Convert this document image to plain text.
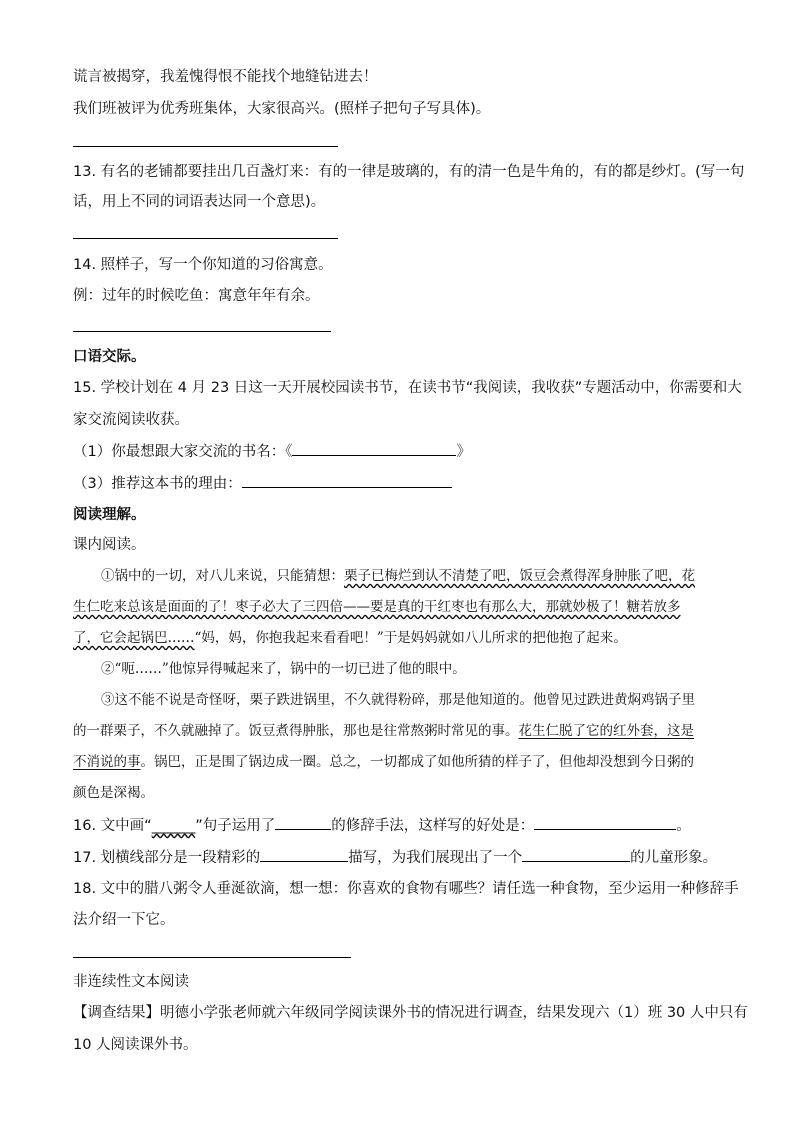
谎言被揭穿，我羞愧得恨不能找个地缝钻进去！
我们班被评为优秀班集体，大家很高兴。(照样子把句子写具体)。
13. 有名的老铺都要挂出几百盏灯来：有的一律是玻璃的，有的清一色是牛角的，有的都是纱灯。(写一句
话，用上不同的词语表达同一个意思)。
14. 照样子，写一个你知道的习俗寓意。
例：过年的时候吃鱼：寓意年年有余。
口语交际。
15. 学校计划在 4 月 23 日这一天开展校园读书节，在读书节“我阅读，我收获”专题活动中，你需要和大
家交流阅读收获。
（1）你最想跟大家交流的书名：《	》
（3）推荐这本书的理由：
阅读理解。
课内阅读。
①锅中的一切，对八儿来说，只能猜想：栗子已梅烂到认不清楚了吧，饭豆会煮得浑身肿胀了吧，花
生仁吃来总该是面面的了！枣子必大了三四倍——要是真的干红枣也有那么大，那就妙极了！糖若放多
了，它会起锅巴……“妈，妈，你抱我起来看看吧！”于是妈妈就如八儿所求的把他抱了起来。
②“呃……”他惊异得喊起来了，锅中的一切已进了他的眼中。
③这不能不说是奇怪呀，栗子跌进锅里，不久就得粉碎，那是他知道的。他曾见过跌进黄焖鸡锅子里
的一群栗子，不久就融掉了。饭豆煮得肿胀，那也是往常熬粥时常见的事。花生仁脱了它的红外套，这是
不消说的事。锅巴，正是围了锅边成一圈。总之，一切都成了如他所猜的样子了，但他却没想到今日粥的
颜色是深褐。
16. 文中画“______”句子运用了	的修辞手法，这样写的好处是：	。
17. 划横线部分是一段精彩的	描写，为我们展现出了一个	的儿童形象。
18. 文中的腊八粥令人垂涎欲滴，想一想：你喜欢的食物有哪些？请任选一种食物，至少运用一种修辞手
法介绍一下它。
非连续性文本阅读
【调查结果】明德小学张老师就六年级同学阅读课外书的情况进行调查，结果发现六（1）班 30 人中只有
10 人阅读课外书。
